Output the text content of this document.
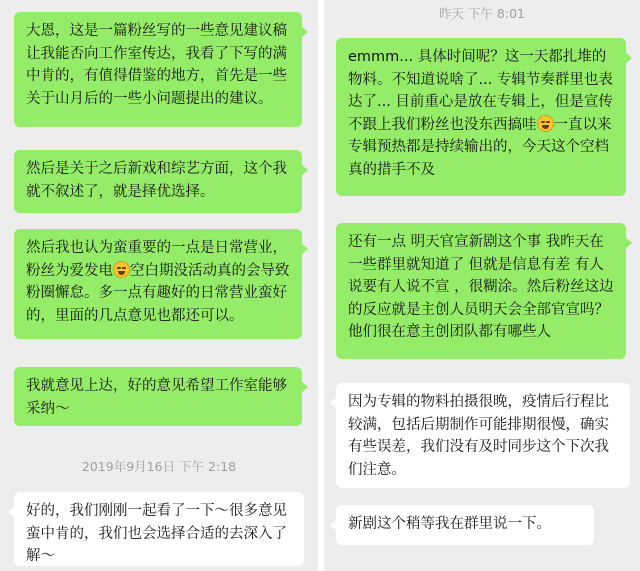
大恩，这是一篇粉丝写的一些意见建议稿让我能否向工作室传达，我看了下写的满中肯的，有值得借鉴的地方，首先是一些关于山月后的一些小问题提出的建议。
然后是关于之后新戏和综艺方面，这个我就不叙述了，就是择优选择。
然后我也认为蛮重要的一点是日常营业，粉丝为爱发电 空白期没活动真的会导致粉圈懈怠。多一点有趣好的日常营业蛮好的，里面的几点意见也都还可以。
我就意见上达，好的意见希望工作室能够采纳～
2019年9月16日 下午 2:18
好的，我们刚刚一起看了一下～很多意见蛮中肯的，我们也会选择合适的去深入了解～
昨天 下午 8:01
emmm... 具体时间呢？这一天都扎堆的物料。不知道说啥了... 专辑节奏群里也表达了... 目前重心是放在专辑上，但是宣传不跟上我们粉丝也没东西搞哇 一直以来专辑预热都是持续输出的，今天这个空档真的措手不及
还有一点 明天官宣新剧这个事 我昨天在一些群里就知道了 但就是信息有差 有人说要有人说不宣 ，很糊涂。然后粉丝这边的反应就是主创人员明天会全部官宣吗？ 他们很在意主创团队都有哪些人
因为专辑的物料拍摄很晚，疫情后行程比较满，包括后期制作可能排期很慢，确实有些误差，我们没有及时同步这个下次我们注意。
新剧这个稍等我在群里说一下。
